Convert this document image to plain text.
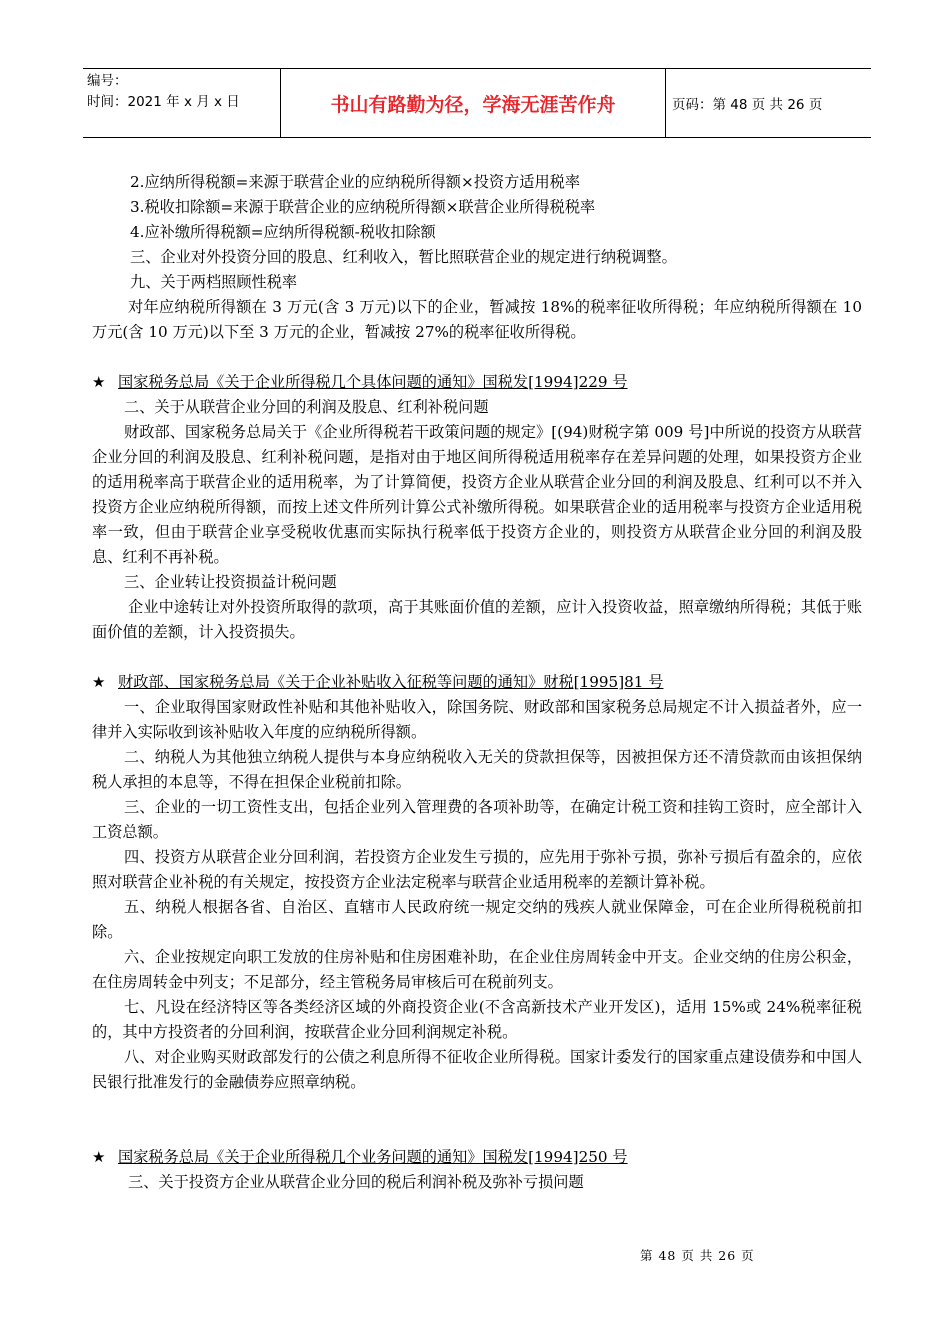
编号：
时间：2021 年 x 月 x 日	书山有路勤为径，学海无涯苦作舟	页码：第 48 页 共 26 页

2.应纳所得税额=来源于联营企业的应纳税所得额×投资方适用税率

3.税收扣除额=来源于联营企业的应纳税所得额×联营企业所得税税率

4.应补缴所得税额=应纳所得税额-税收扣除额

三、企业对外投资分回的股息、红利收入，暂比照联营企业的规定进行纳税调整。

九、关于两档照顾性税率

对年应纳税所得额在 3 万元(含 3 万元)以下的企业，暂减按 18%的税率征收所得税；年应纳税所得额在 10 万元(含 10 万元)以下至 3 万元的企业，暂减按 27%的税率征收所得税。

★ 国家税务总局《关于企业所得税几个具体问题的通知》国税发[1994]229 号

二、关于从联营企业分回的利润及股息、红利补税问题

财政部、国家税务总局关于《企业所得税若干政策问题的规定》[(94)财税字第 009 号]中所说的投资方从联营企业分回的利润及股息、红利补税问题，是指对由于地区间所得税适用税率存在差异问题的处理，如果投资方企业的适用税率高于联营企业的适用税率，为了计算简便，投资方企业从联营企业分回的利润及股息、红利可以不并入投资方企业应纳税所得额，而按上述文件所列计算公式补缴所得税。如果联营企业的适用税率与投资方企业适用税率一致，但由于联营企业享受税收优惠而实际执行税率低于投资方企业的，则投资方从联营企业分回的利润及股息、红利不再补税。

三、企业转让投资损益计税问题

企业中途转让对外投资所取得的款项，高于其账面价值的差额，应计入投资收益，照章缴纳所得税；其低于账面价值的差额，计入投资损失。

★ 财政部、国家税务总局《关于企业补贴收入征税等问题的通知》财税[1995]81 号

一、企业取得国家财政性补贴和其他补贴收入，除国务院、财政部和国家税务总局规定不计入损益者外，应一律并入实际收到该补贴收入年度的应纳税所得额。

二、纳税人为其他独立纳税人提供与本身应纳税收入无关的贷款担保等，因被担保方还不清贷款而由该担保纳税人承担的本息等，不得在担保企业税前扣除。

三、企业的一切工资性支出，包括企业列入管理费的各项补助等，在确定计税工资和挂钩工资时，应全部计入工资总额。

四、投资方从联营企业分回利润，若投资方企业发生亏损的，应先用于弥补亏损，弥补亏损后有盈余的，应依照对联营企业补税的有关规定，按投资方企业法定税率与联营企业适用税率的差额计算补税。

五、纳税人根据各省、自治区、直辖市人民政府统一规定交纳的残疾人就业保障金，可在企业所得税税前扣除。

六、企业按规定向职工发放的住房补贴和住房困难补助，在企业住房周转金中开支。企业交纳的住房公积金，在住房周转金中列支；不足部分，经主管税务局审核后可在税前列支。

七、凡设在经济特区等各类经济区域的外商投资企业(不含高新技术产业开发区)，适用 15%或 24%税率征税的，其中方投资者的分回利润，按联营企业分回利润规定补税。

八、对企业购买财政部发行的公债之利息所得不征收企业所得税。国家计委发行的国家重点建设债券和中国人民银行批准发行的金融债券应照章纳税。

★ 国家税务总局《关于企业所得税几个业务问题的通知》国税发[1994]250 号

三、关于投资方企业从联营企业分回的税后利润补税及弥补亏损问题

第 48 页 共 26 页
